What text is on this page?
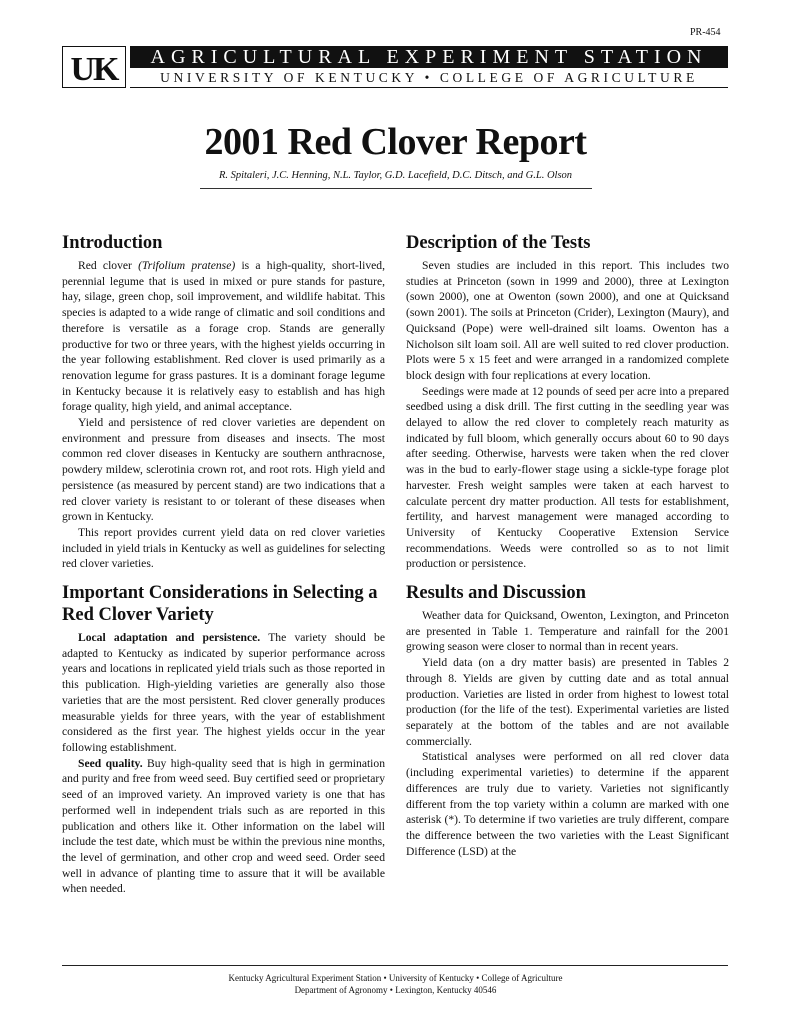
PR-454
UK	AGRICULTURAL EXPERIMENT STATION
UNIVERSITY OF KENTUCKY • COLLEGE OF AGRICULTURE
2001 Red Clover Report
R. Spitaleri, J.C. Henning, N.L. Taylor, G.D. Lacefield, D.C. Ditsch, and G.L. Olson
Introduction

Red clover (Trifolium pratense) is a high-quality, short-lived, perennial legume that is used in mixed or pure stands for pasture, hay, silage, green chop, soil improvement, and wildlife habitat. This species is adapted to a wide range of climatic and soil conditions and therefore is versatile as a forage crop. Stands are generally productive for two or three years, with the highest yields occurring in the year following establishment. Red clover is used primarily as a renovation legume for grass pastures. It is a dominant forage legume in Kentucky because it is relatively easy to establish and has high forage quality, high yield, and animal acceptance.

Yield and persistence of red clover varieties are dependent on environment and pressure from diseases and insects. The most common red clover diseases in Kentucky are southern anthracnose, powdery mildew, sclerotinia crown rot, and root rots. High yield and persistence (as measured by percent stand) are two indications that a red clover variety is resistant to or tolerant of these diseases when grown in Kentucky.

This report provides current yield data on red clover varieties included in yield trials in Kentucky as well as guidelines for selecting red clover varieties.

Important Considerations in Selecting a Red Clover Variety

Local adaptation and persistence. The variety should be adapted to Kentucky as indicated by superior performance across years and locations in replicated yield trials such as those reported in this publication. High-yielding varieties are generally also those varieties that are the most persistent. Red clover generally produces measurable yields for three years, with the year of establishment considered as the first year. The highest yields occur in the year following establishment.

Seed quality. Buy high-quality seed that is high in germination and purity and free from weed seed. Buy certified seed or proprietary seed of an improved variety. An improved variety is one that has performed well in independent trials such as are reported in this publication and others like it. Other information on the label will include the test date, which must be within the previous nine months, the level of germination, and other crop and weed seed. Order seed well in advance of planting time to assure that it will be available when needed.

Description of the Tests

Seven studies are included in this report. This includes two studies at Princeton (sown in 1999 and 2000), three at Lexington (sown 2000), one at Owenton (sown 2000), and one at Quicksand (sown 2001). The soils at Princeton (Crider), Lexington (Maury), and Quicksand (Pope) were well-drained silt loams. Owenton has a Nicholson silt loam soil. All are well suited to red clover production. Plots were 5 x 15 feet and were arranged in a randomized complete block design with four replications at every location.

Seedings were made at 12 pounds of seed per acre into a prepared seedbed using a disk drill. The first cutting in the seedling year was delayed to allow the red clover to completely reach maturity as indicated by full bloom, which generally occurs about 60 to 90 days after seeding. Otherwise, harvests were taken when the red clover was in the bud to early-flower stage using a sickle-type forage plot harvester. Fresh weight samples were taken at each harvest to calculate percent dry matter production. All tests for establishment, fertility, and harvest management were managed according to University of Kentucky Cooperative Extension Service recommendations. Weeds were controlled so as to not limit production or persistence.

Results and Discussion

Weather data for Quicksand, Owenton, Lexington, and Princeton are presented in Table 1. Temperature and rainfall for the 2001 growing season were closer to normal than in recent years.

Yield data (on a dry matter basis) are presented in Tables 2 through 8. Yields are given by cutting date and as total annual production. Varieties are listed in order from highest to lowest total production (for the life of the test). Experimental varieties are listed separately at the bottom of the tables and are not available commercially.

Statistical analyses were performed on all red clover data (including experimental varieties) to determine if the apparent differences are truly due to variety. Varieties not significantly different from the top variety within a column are marked with one asterisk (*). To determine if two varieties are truly different, compare the difference between the two varieties with the Least Significant Difference (LSD) at the

Kentucky Agricultural Experiment Station • University of Kentucky • College of Agriculture
Department of Agronomy • Lexington, Kentucky 40546
